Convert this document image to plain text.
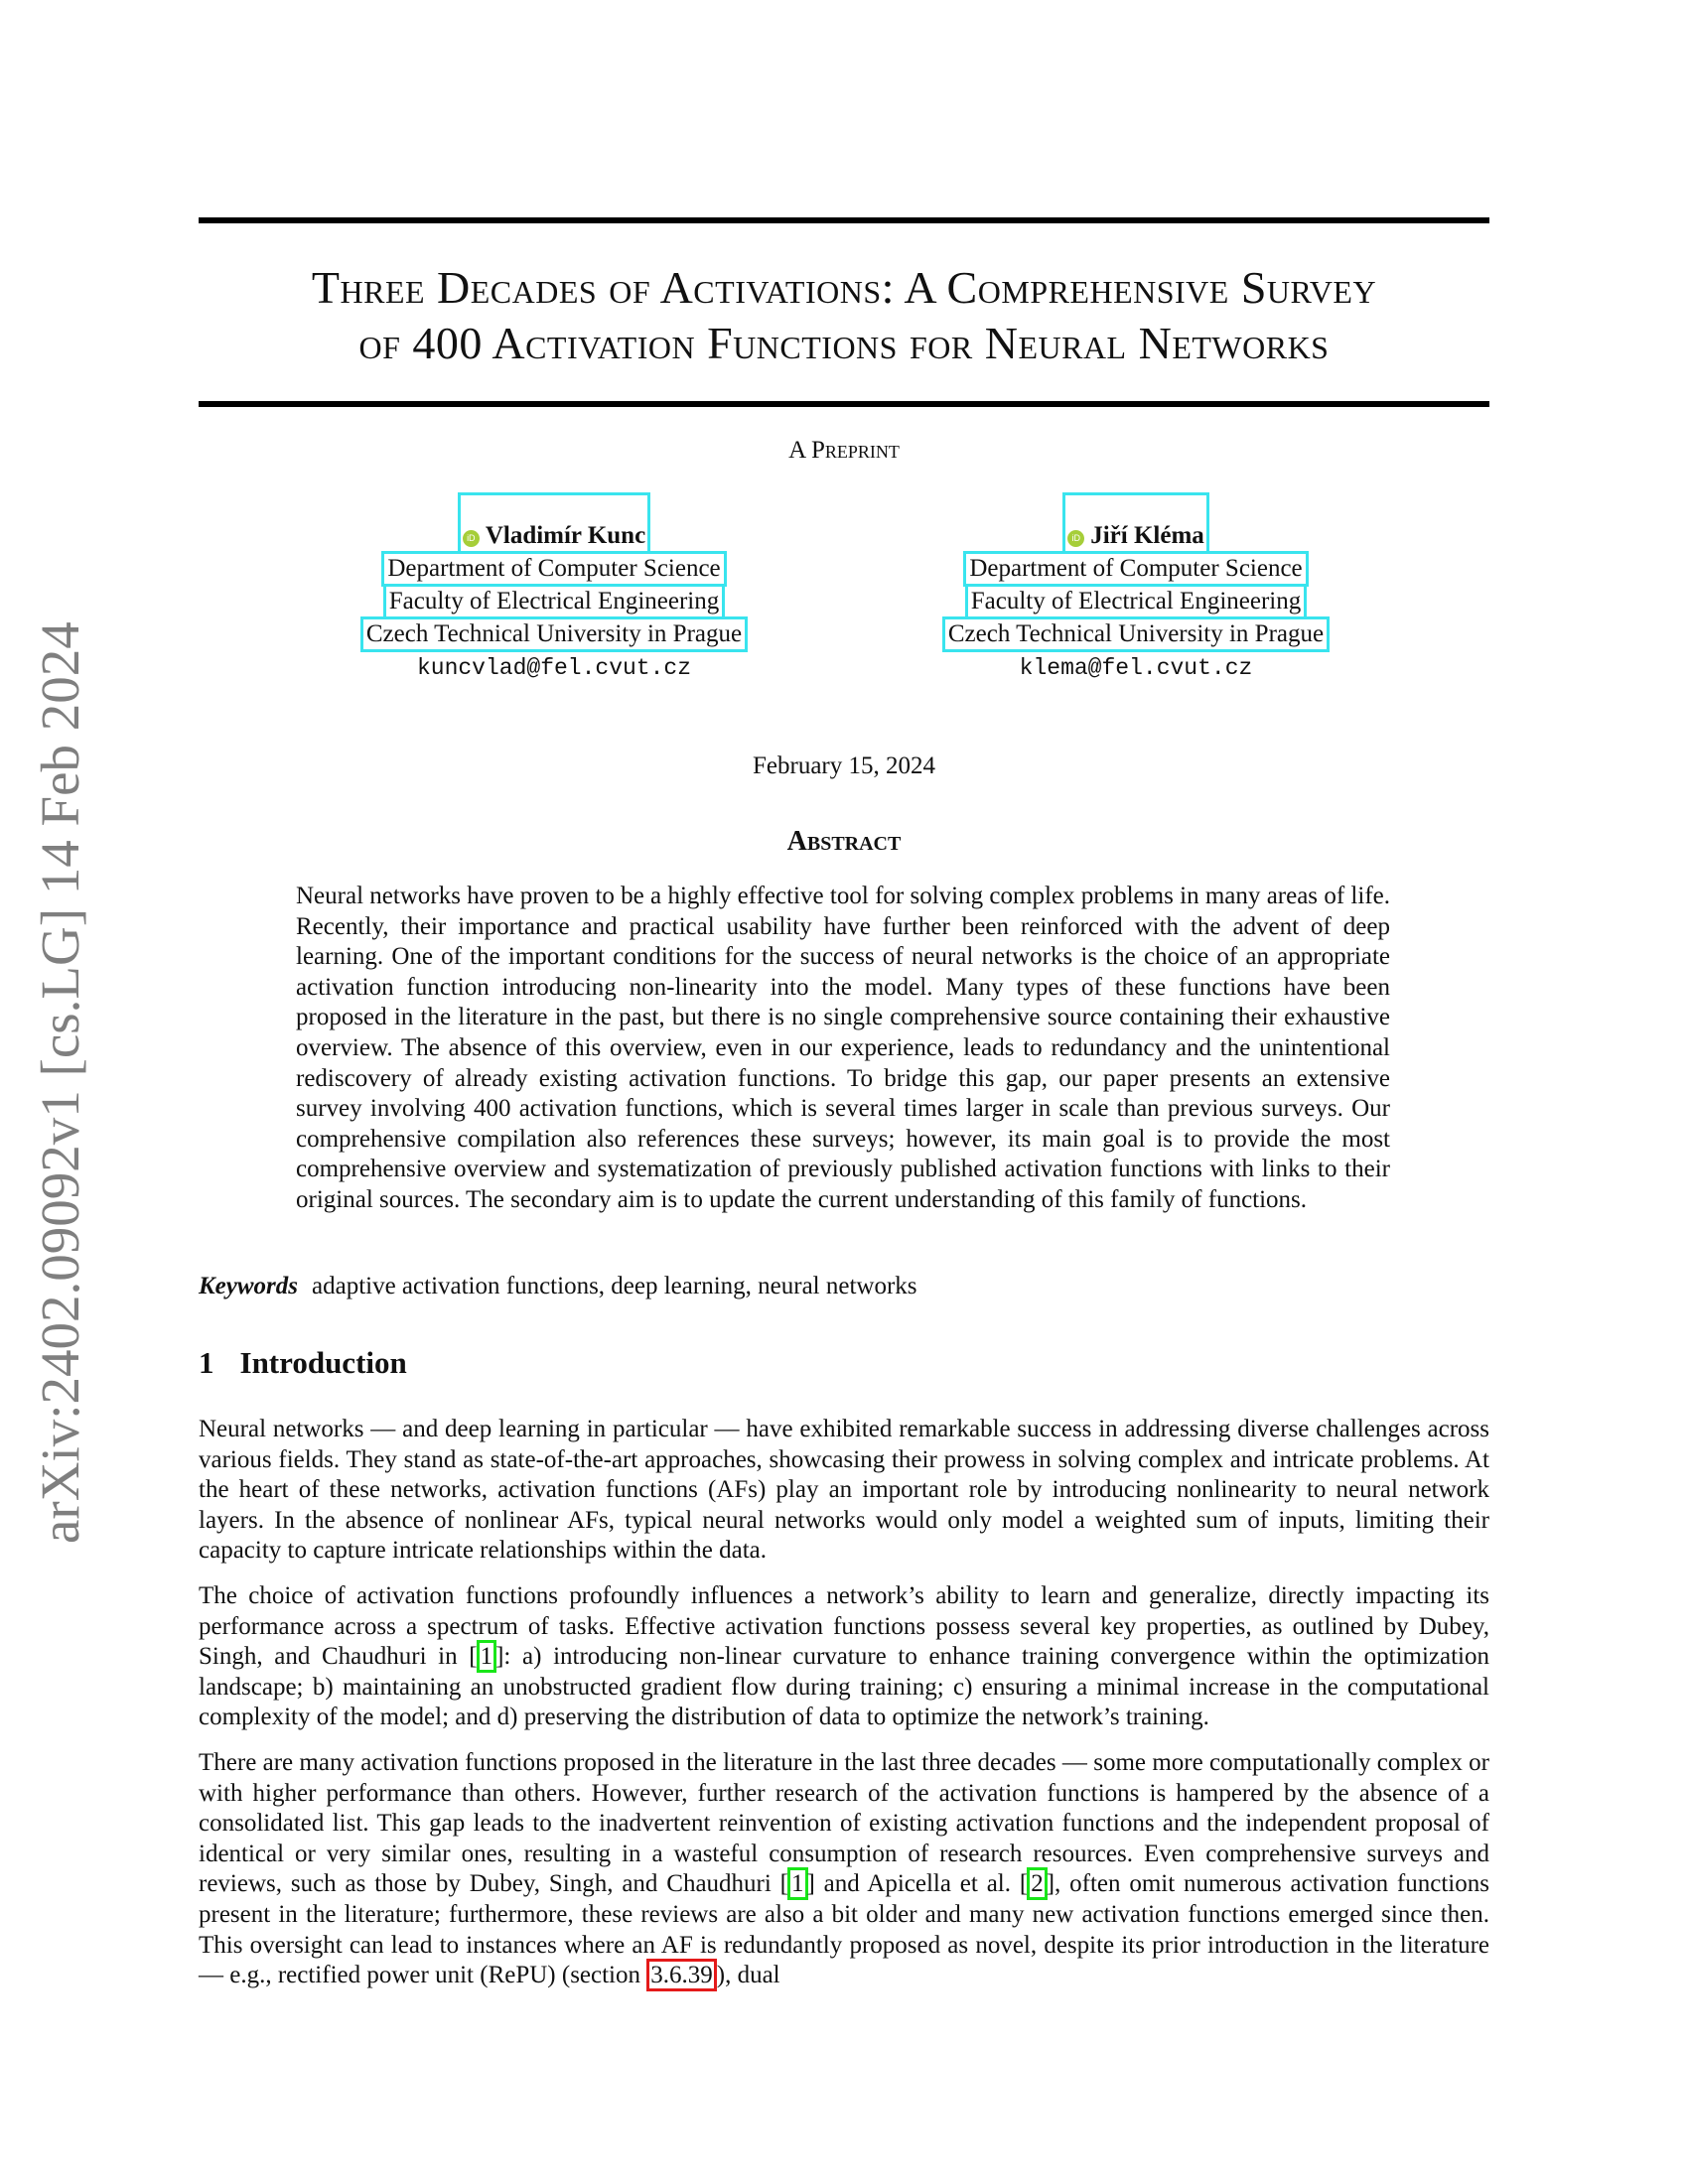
arXiv:2402.09092v1 [cs.LG] 14 Feb 2024
Three Decades of Activations: A Comprehensive Survey
of 400 Activation Functions for Neural Networks
A Preprint
iD Vladimír Kunc
Department of Computer Science
Faculty of Electrical Engineering
Czech Technical University in Prague
kuncvlad@fel.cvut.cz
iD Jiří Kléma
Department of Computer Science
Faculty of Electrical Engineering
Czech Technical University in Prague
klema@fel.cvut.cz
February 15, 2024
Abstract
Neural networks have proven to be a highly effective tool for solving complex problems in many areas of life. Recently, their importance and practical usability have further been reinforced with the advent of deep learning. One of the important conditions for the success of neural networks is the choice of an appropriate activation function introducing non-linearity into the model. Many types of these functions have been proposed in the literature in the past, but there is no single comprehensive source containing their exhaustive overview. The absence of this overview, even in our experience, leads to redundancy and the unintentional rediscovery of already existing activation functions. To bridge this gap, our paper presents an extensive survey involving 400 activation functions, which is several times larger in scale than previous surveys. Our comprehensive compilation also references these surveys; however, its main goal is to provide the most comprehensive overview and systematization of previously published activation functions with links to their original sources. The secondary aim is to update the current understanding of this family of functions.
Keywords adaptive activation functions, deep learning, neural networks
1 Introduction
Neural networks — and deep learning in particular — have exhibited remarkable success in addressing diverse challenges across various fields. They stand as state-of-the-art approaches, showcasing their prowess in solving complex and intricate problems. At the heart of these networks, activation functions (AFs) play an important role by introducing nonlinearity to neural network layers. In the absence of nonlinear AFs, typical neural networks would only model a weighted sum of inputs, limiting their capacity to capture intricate relationships within the data.
The choice of activation functions profoundly influences a network’s ability to learn and generalize, directly impacting its performance across a spectrum of tasks. Effective activation functions possess several key properties, as outlined by Dubey, Singh, and Chaudhuri in [ 1 ]: a) introducing non-linear curvature to enhance training convergence within the optimization landscape; b) maintaining an unobstructed gradient flow during training; c) ensuring a minimal increase in the computational complexity of the model; and d) preserving the distribution of data to optimize the network’s training.
There are many activation functions proposed in the literature in the last three decades — some more computationally complex or with higher performance than others. However, further research of the activation functions is hampered by the absence of a consolidated list. This gap leads to the inadvertent reinvention of existing activation functions and the independent proposal of identical or very similar ones, resulting in a wasteful consumption of research resources. Even comprehensive surveys and reviews, such as those by Dubey, Singh, and Chaudhuri [ 1 ] and Apicella et al. [ 2 ], often omit numerous activation functions present in the literature; furthermore, these reviews are also a bit older and many new activation functions emerged since then. This oversight can lead to instances where an AF is redundantly proposed as novel, despite its prior introduction in the literature — e.g., rectified power unit (RePU) (section 3.6.39 ), dual
